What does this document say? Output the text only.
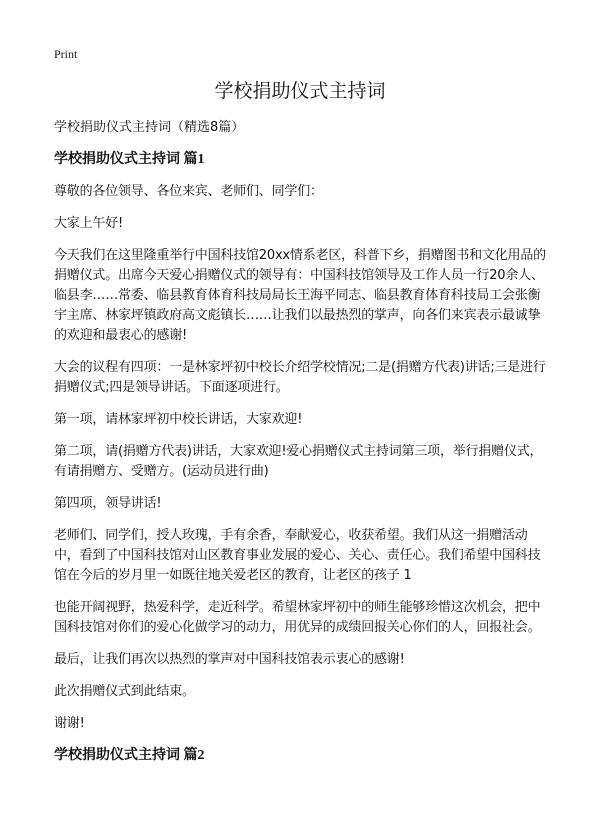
Print
学校捐助仪式主持词

学校捐助仪式主持词（精选8篇）

学校捐助仪式主持词 篇1

尊敬的各位领导、各位来宾、老师们、同学们：

大家上午好!

今天我们在这里隆重举行中国科技馆20xx情系老区，科普下乡，捐赠图书和文化用品的捐赠仪式。出席今天爱心捐赠仪式的领导有：中国科技馆领导及工作人员一行20余人、临县李……常委、临县教育体育科技局局长王海平同志、临县教育体育科技局工会张衡宇主席、林家坪镇政府高文彪镇长……让我们以最热烈的掌声，向各们来宾表示最诚挚的欢迎和最衷心的感谢!

大会的议程有四项：一是林家坪初中校长介绍学校情况;二是(捐赠方代表)讲话;三是进行捐赠仪式;四是领导讲话。下面逐项进行。

第一项，请林家坪初中校长讲话，大家欢迎!

第二项，请(捐赠方代表)讲话，大家欢迎!爱心捐赠仪式主持词第三项，举行捐赠仪式，有请捐赠方、受赠方。(运动员进行曲)

第四项，领导讲话!

老师们、同学们，授人玫瑰，手有余香，奉献爱心，收获希望。我们从这一捐赠活动中，看到了中国科技馆对山区教育事业发展的爱心、关心、责任心。我们希望中国科技馆在今后的岁月里一如既往地关爱老区的教育，让老区的孩子 1

也能开阔视野，热爱科学，走近科学。希望林家坪初中的师生能够珍惜这次机会，把中国科技馆对你们的爱心化做学习的动力，用优异的成绩回报关心你们的人，回报社会。

最后，让我们再次以热烈的掌声对中国科技馆表示衷心的感谢!

此次捐赠仪式到此结束。

谢谢!

学校捐助仪式主持词 篇2
